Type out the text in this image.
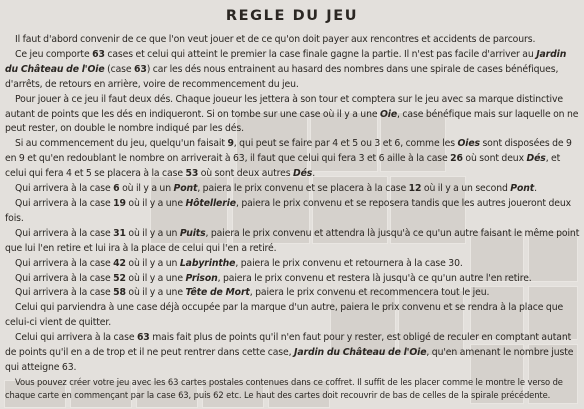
REGLE DU JEU

Il faut d'abord convenir de ce que l'on veut jouer et de ce qu'on doit payer aux rencontres et accidents de parcours.

Ce jeu comporte 63 cases et celui qui atteint le premier la case finale gagne la partie. Il n'est pas facile d'arriver au Jardin du Château de l'Oie (case 63) car les dés nous entrainent au hasard des nombres dans une spirale de cases bénéfiques, d'arrêts, de retours en arrière, voire de recommencement du jeu.

Pour jouer à ce jeu il faut deux dés. Chaque joueur les jettera à son tour et comptera sur le jeu avec sa marque distinctive autant de points que les dés en indiqueront. Si on tombe sur une case où il y a une Oie, case bénéfique mais sur laquelle on ne peut rester, on double le nombre indiqué par les dés.

Si au commencement du jeu, quelqu'un faisait 9, qui peut se faire par 4 et 5 ou 3 et 6, comme les Oies sont disposées de 9 en 9 et qu'en redoublant le nombre on arriverait à 63, il faut que celui qui fera 3 et 6 aille à la case 26 où sont deux Dés, et celui qui fera 4 et 5 se placera à la case 53 où sont deux autres Dés.

Qui arrivera à la case 6 où il y a un Pont, paiera le prix convenu et se placera à la case 12 où il y a un second Pont.

Qui arrivera à la case 19 où il y a une Hôtellerie, paiera le prix convenu et se reposera tandis que les autres joueront deux fois.

Qui arrivera à la case 31 où il y a un Puits, paiera le prix convenu et attendra là jusqu'à ce qu'un autre faisant le même point que lui l'en retire et lui ira à la place de celui qui l'en a retiré.

Qui arrivera à la case 42 où il y a un Labyrinthe, paiera le prix convenu et retournera à la case 30.

Qui arrivera à la case 52 où il y a une Prison, paiera le prix convenu et restera là jusqu'à ce qu'un autre l'en retire.

Qui arrivera à la case 58 où il y a une Tête de Mort, paiera le prix convenu et recommencera tout le jeu.

Celui qui parviendra à une case déjà occupée par la marque d'un autre, paiera le prix convenu et se rendra à la place que celui-ci vient de quitter.

Celui qui arrivera à la case 63 mais fait plus de points qu'il n'en faut pour y rester, est obligé de reculer en comptant autant de points qu'il en a de trop et il ne peut rentrer dans cette case, Jardin du Château de l'Oie, qu'en amenant le nombre juste qui atteigne 63.

Vous pouvez créer votre jeu avec les 63 cartes postales contenues dans ce coffret. Il suffit de les placer comme le montre le verso de chaque carte en commençant par la case 63, puis 62 etc. Le haut des cartes doit recouvrir de bas de celles de la spirale précédente.
